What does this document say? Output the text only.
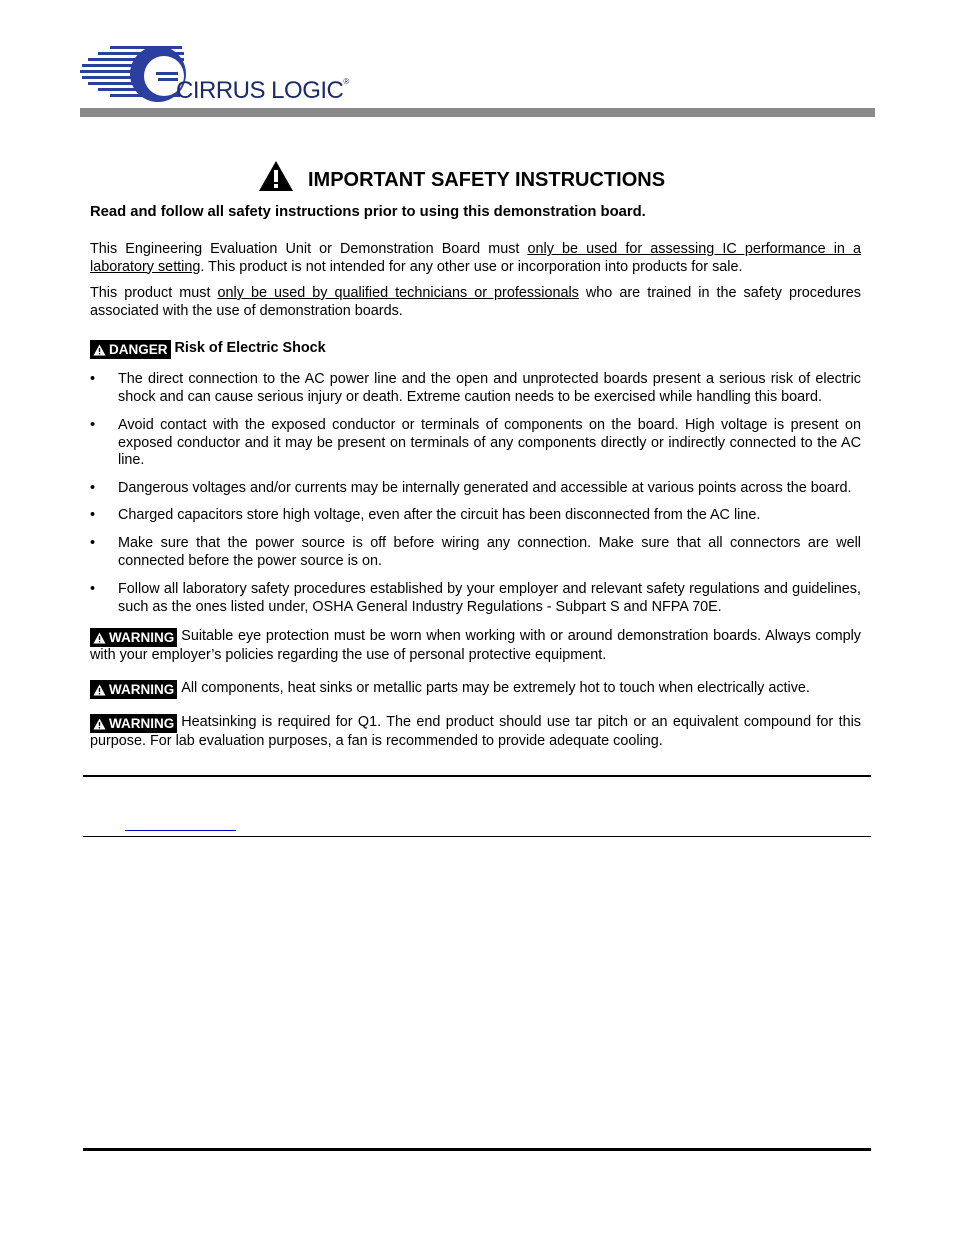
CIRRUS LOGIC®
IMPORTANT SAFETY INSTRUCTIONS
Read and follow all safety instructions prior to using this demonstration board.
This Engineering Evaluation Unit or Demonstration Board must only be used for assessing IC performance in a laboratory setting. This product is not intended for any other use or incorporation into products for sale.
This product must only be used by qualified technicians or professionals who are trained in the safety procedures associated with the use of demonstration boards.
DANGER Risk of Electric Shock
•	The direct connection to the AC power line and the open and unprotected boards present a serious risk of electric shock and can cause serious injury or death. Extreme caution needs to be exercised while handling this board.
•	Avoid contact with the exposed conductor or terminals of components on the board. High voltage is present on exposed conductor and it may be present on terminals of any components directly or indirectly connected to the AC line.
•	Dangerous voltages and/or currents may be internally generated and accessible at various points across the board.
•	Charged capacitors store high voltage, even after the circuit has been disconnected from the AC line.
•	Make sure that the power source is off before wiring any connection. Make sure that all connectors are well connected before the power source is on.
•	Follow all laboratory safety procedures established by your employer and relevant safety regulations and guidelines, such as the ones listed under, OSHA General Industry Regulations - Subpart S and NFPA 70E.
WARNING Suitable eye protection must be worn when working with or around demonstration boards. Always comply with your employer’s policies regarding the use of personal protective equipment.
WARNING All components, heat sinks or metallic parts may be extremely hot to touch when electrically active.
WARNING Heatsinking is required for Q1. The end product should use tar pitch or an equivalent compound for this purpose. For lab evaluation purposes, a fan is recommended to provide adequate cooling.
